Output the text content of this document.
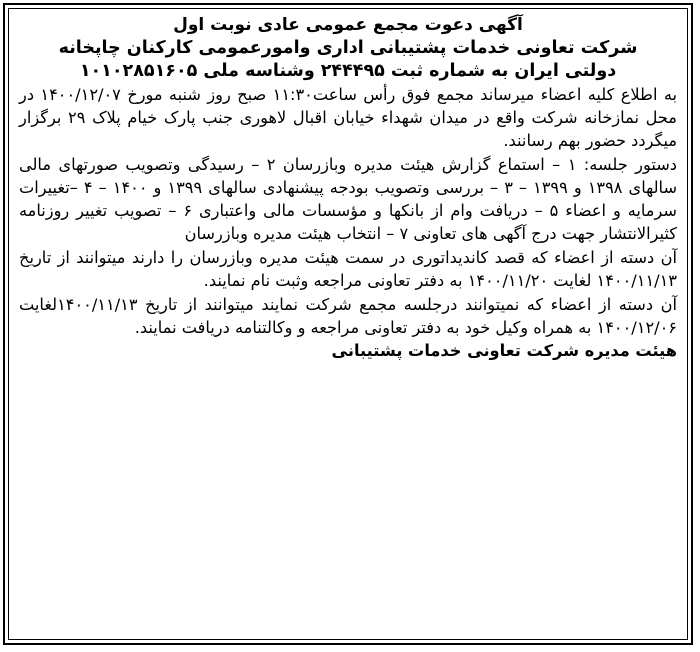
آگهی دعوت مجمع عمومی عادی نوبت اول

شرکت تعاونی خدمات پشتیبانی اداری وامورعمومی کارکنان چاپخانه

دولتی ایران به شماره ثبت
۲۴۴۴۹۵
وشناسه ملی
۱۰۱۰۲۸۵۱۶۰۵

به اطلاع کلیه اعضاء میرساند مجمع فوق رأس ساعت۱۱:۳۰ صبح روز شنبه مورخ ۱۴۰۰/۱۲/۰۷ در محل نمازخانه شرکت واقع در میدان شهداء خیابان اقبال لاهوری جنب پارک خیام پلاک ۲۹ برگزار میگردد حضور بهم رسانند.

دستور جلسه: ۱ – استماع گزارش هیئت مدیره وبازرسان ۲ – رسیدگی وتصویب صورتهای مالی سالهای ۱۳۹۸ و ۱۳۹۹ – ۳ – بررسی وتصویب بودجه پیشنهادی سالهای ۱۳۹۹ و ۱۴۰۰ – ۴ –تغییرات سرمایه و اعضاء ۵ – دریافت وام از بانکها و مؤسسات مالی واعتباری ۶ – تصویب تغییر روزنامه کثیرالانتشار جهت درج آگهی های تعاونی ۷ – انتخاب هیئت مدیره وبازرسان

آن دسته از اعضاء که قصد کاندیداتوری در سمت هیئت مدیره وبازرسان را دارند میتوانند از تاریخ ۱۴۰۰/۱۱/۱۳ لغایت ۱۴۰۰/۱۱/۲۰ به دفتر تعاونی مراجعه وثبت نام نمایند.

آن دسته از اعضاء که نمیتوانند درجلسه مجمع شرکت نمایند میتوانند از تاریخ ۱۴۰۰/۱۱/۱۳لغایت ۱۴۰۰/۱۲/۰۶ به همراه وکیل خود به دفتر تعاونی مراجعه و وکالتنامه دریافت نمایند.

هیئت مدیره شرکت تعاونی خدمات پشتیبانی
